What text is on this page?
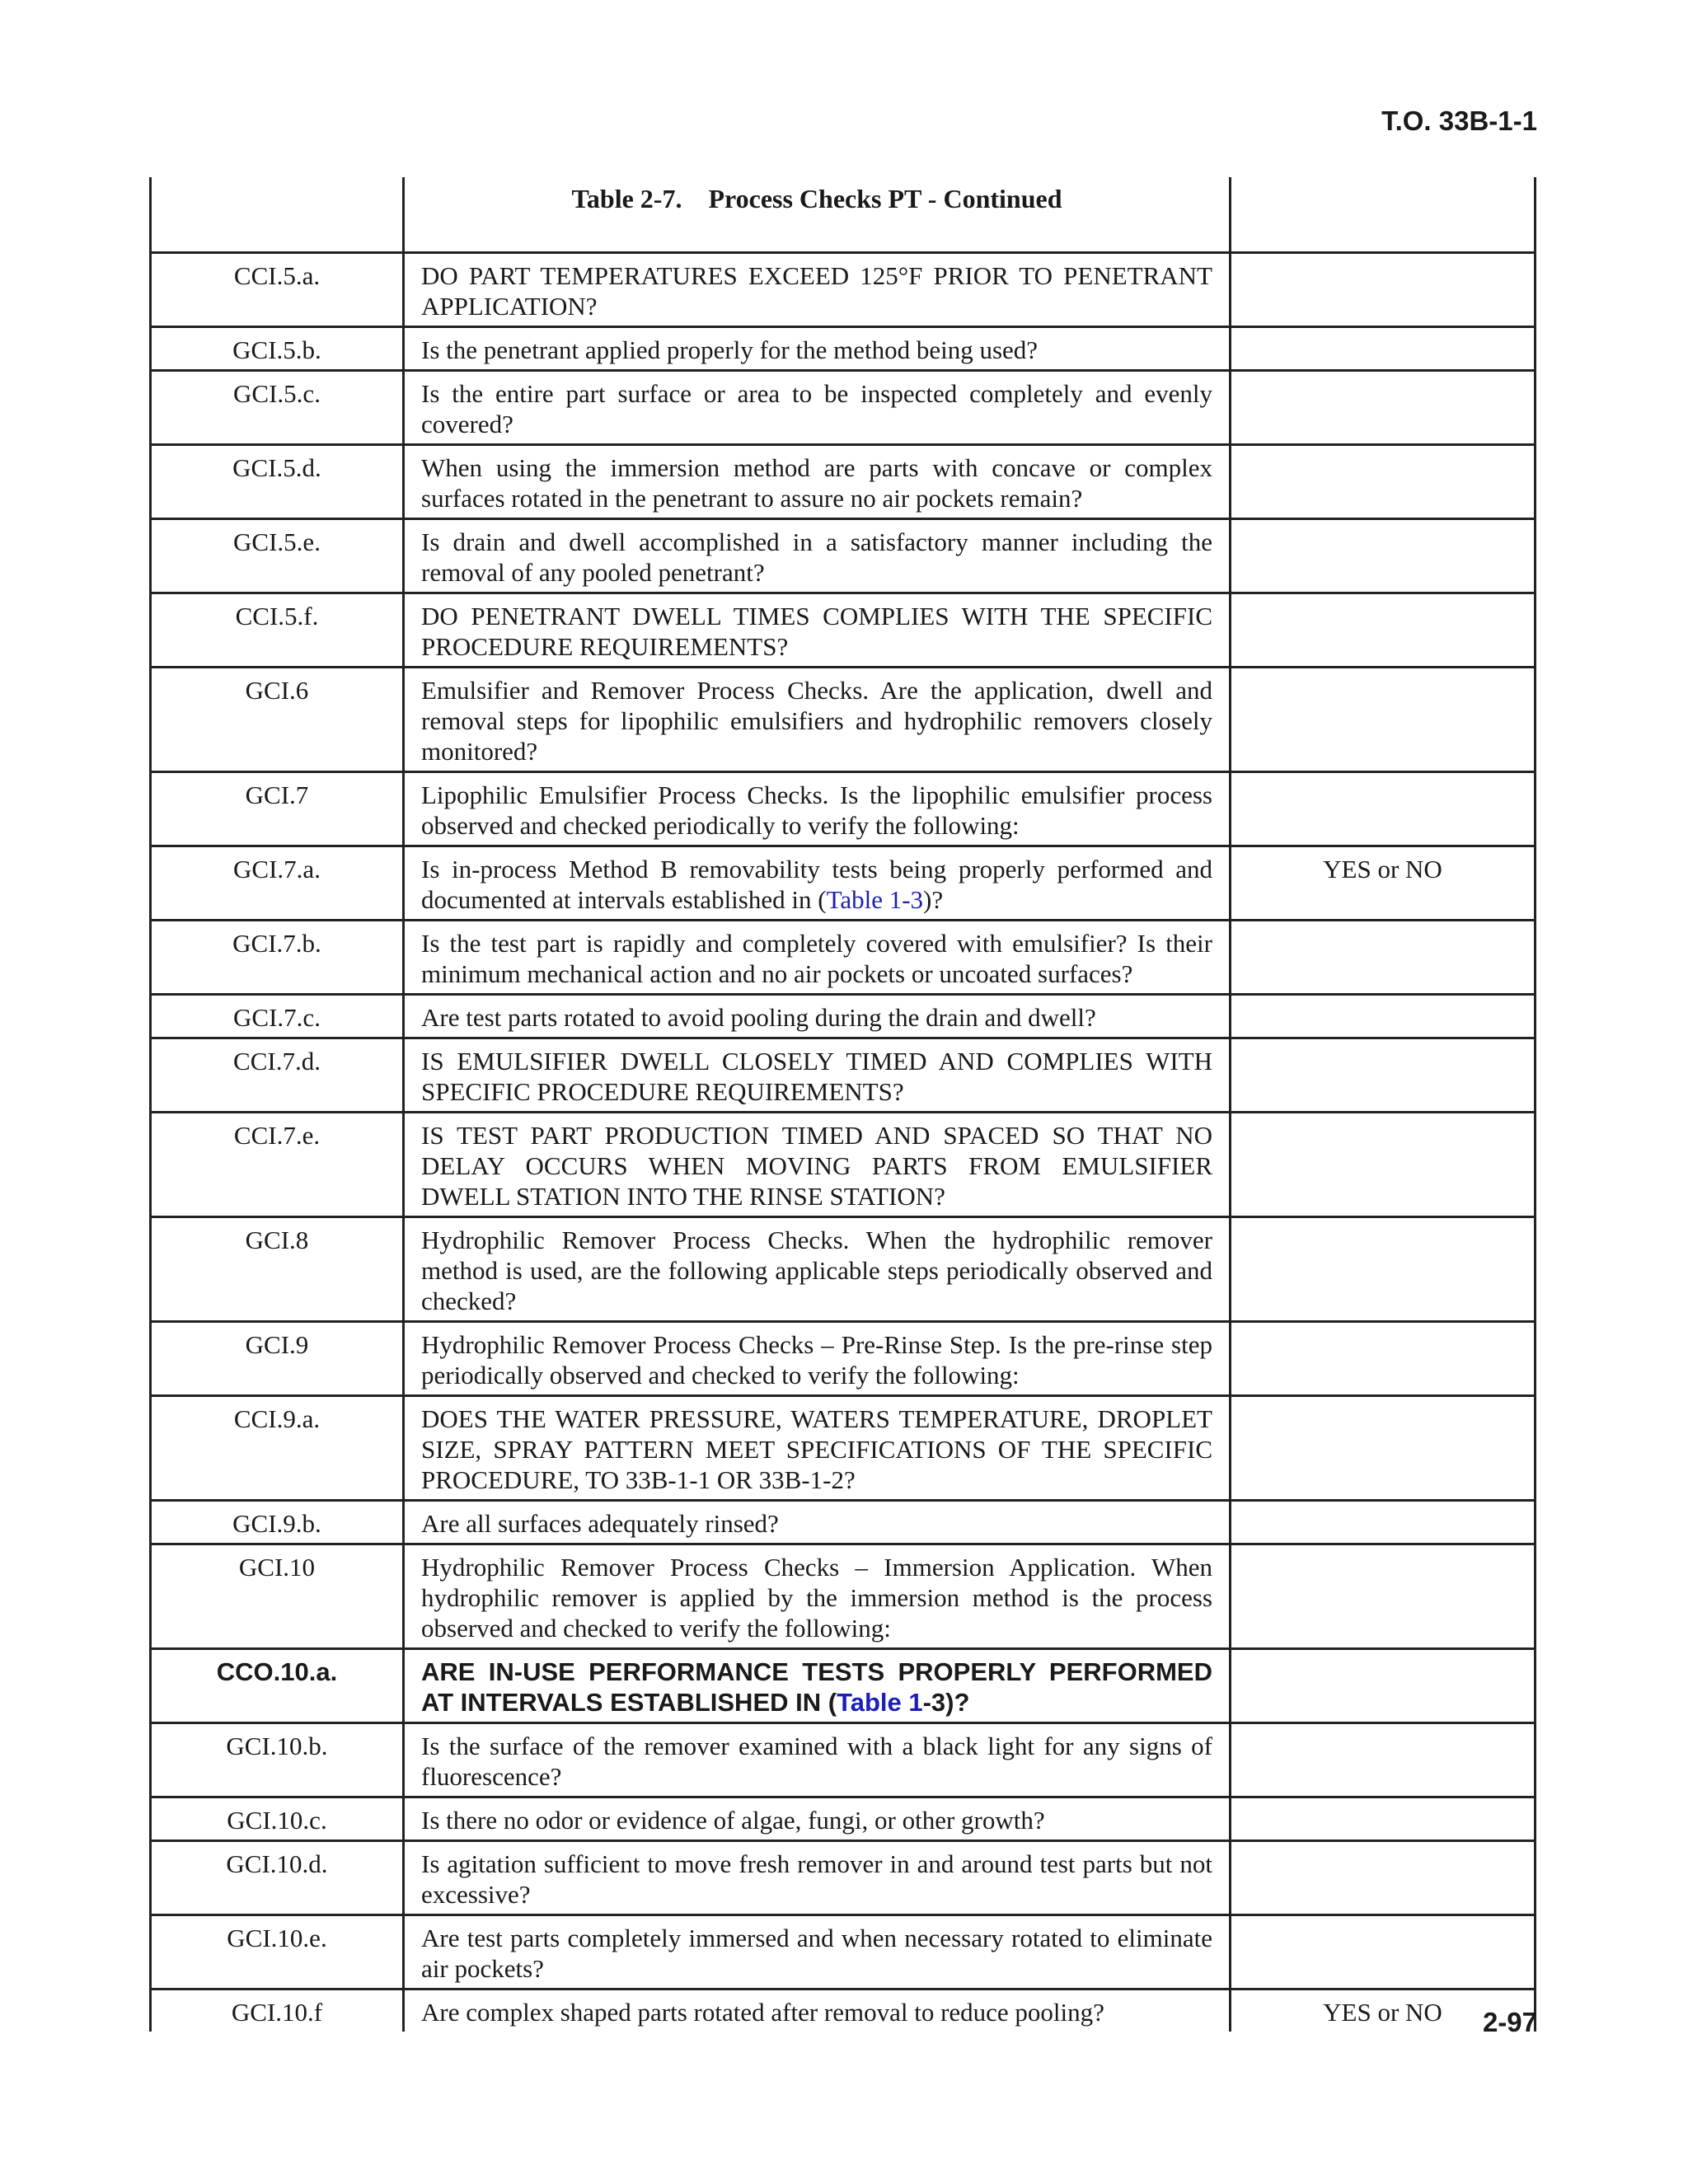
T.O. 33B-1-1
	Table 2-7.    Process Checks PT - Continued	
CCI.5.a.	DO PART TEMPERATURES EXCEED 125°F PRIOR TO PENETRANT APPLICATION?	
GCI.5.b.	Is the penetrant applied properly for the method being used?	
GCI.5.c.	Is the entire part surface or area to be inspected completely and evenly covered?	
GCI.5.d.	When using the immersion method are parts with concave or complex surfaces rotated in the penetrant to assure no air pockets remain?	
GCI.5.e.	Is drain and dwell accomplished in a satisfactory manner including the removal of any pooled penetrant?	
CCI.5.f.	DO PENETRANT DWELL TIMES COMPLIES WITH THE SPECIFIC PROCEDURE REQUIREMENTS?	
GCI.6	Emulsifier and Remover Process Checks. Are the application, dwell and removal steps for lipophilic emulsifiers and hydrophilic removers closely monitored?	
GCI.7	Lipophilic Emulsifier Process Checks. Is the lipophilic emulsifier process observed and checked periodically to verify the following:	
GCI.7.a.	Is in-process Method B removability tests being properly performed and documented at intervals established in (Table 1-3)?	YES or NO
GCI.7.b.	Is the test part is rapidly and completely covered with emulsifier? Is their minimum mechanical action and no air pockets or uncoated surfaces?	
GCI.7.c.	Are test parts rotated to avoid pooling during the drain and dwell?	
CCI.7.d.	IS EMULSIFIER DWELL CLOSELY TIMED AND COMPLIES WITH SPECIFIC PROCEDURE REQUIREMENTS?	
CCI.7.e.	IS TEST PART PRODUCTION TIMED AND SPACED SO THAT NO DELAY OCCURS WHEN MOVING PARTS FROM EMULSIFIER DWELL STATION INTO THE RINSE STATION?	
GCI.8	Hydrophilic Remover Process Checks. When the hydrophilic remover method is used, are the following applicable steps periodically observed and checked?	
GCI.9	Hydrophilic Remover Process Checks – Pre-Rinse Step. Is the pre-rinse step periodically observed and checked to verify the following:	
CCI.9.a.	DOES THE WATER PRESSURE, WATERS TEMPERATURE, DROPLET SIZE, SPRAY PATTERN MEET SPECIFICATIONS OF THE SPECIFIC PROCEDURE, TO 33B-1-1 OR 33B-1-2?	
GCI.9.b.	Are all surfaces adequately rinsed?	
GCI.10	Hydrophilic Remover Process Checks – Immersion Application. When hydrophilic remover is applied by the immersion method is the process observed and checked to verify the following:	
CCO.10.a.	ARE IN-USE PERFORMANCE TESTS PROPERLY PERFORMED AT INTERVALS ESTABLISHED IN (Table 1-3)?	
GCI.10.b.	Is the surface of the remover examined with a black light for any signs of fluorescence?	
GCI.10.c.	Is there no odor or evidence of algae, fungi, or other growth?	
GCI.10.d.	Is agitation sufficient to move fresh remover in and around test parts but not excessive?	
GCI.10.e.	Are test parts completely immersed and when necessary rotated to eliminate air pockets?	
GCI.10.f	Are complex shaped parts rotated after removal to reduce pooling?	YES or NO 2-97
